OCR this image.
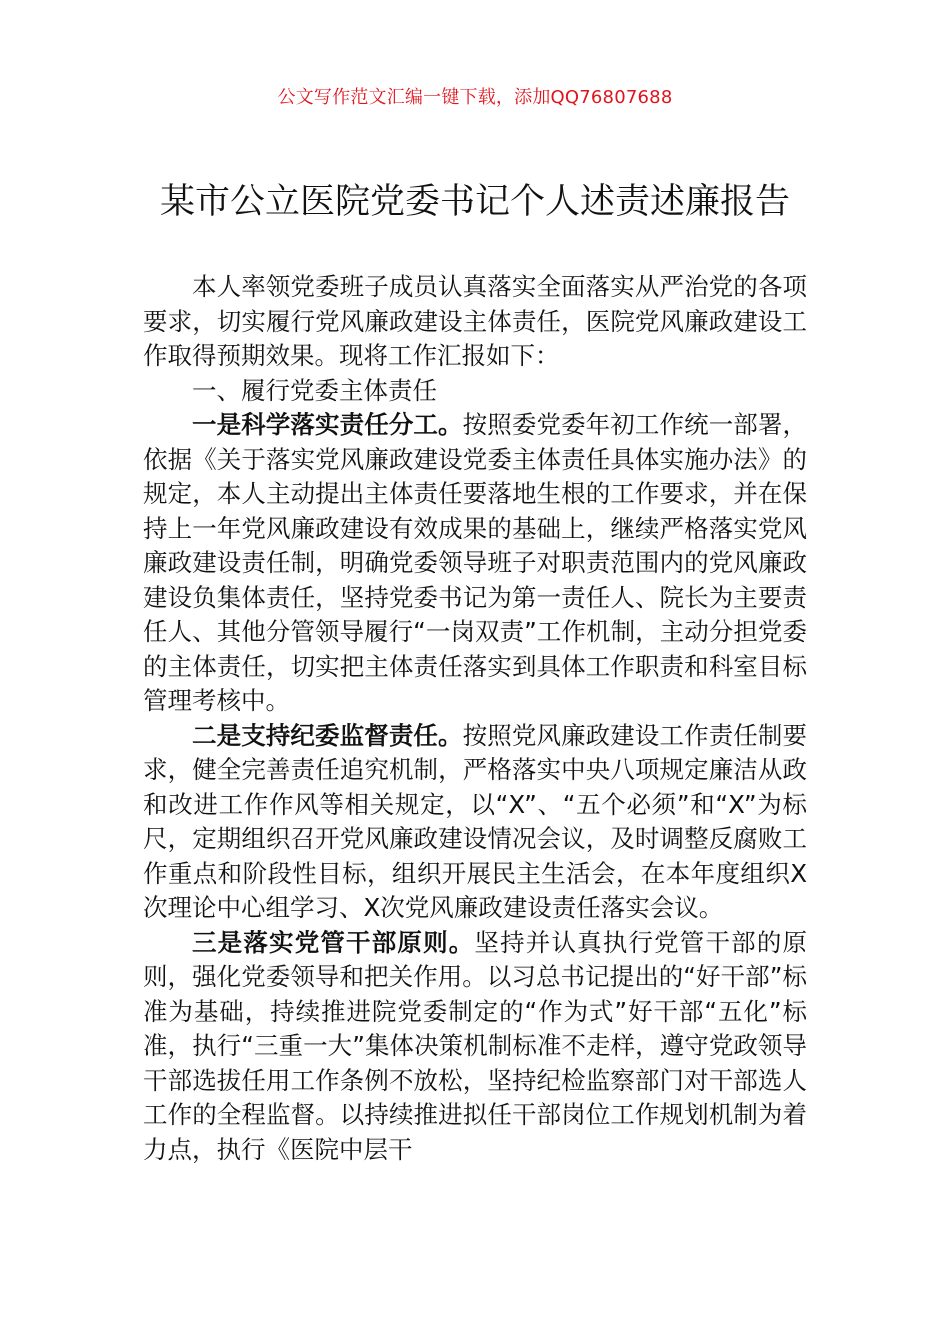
公文写作范文汇编一键下载，添加QQ76807688
某市公立医院党委书记个人述责述廉报告

本人率领党委班子成员认真落实全面落实从严治党的各项要求，切实履行党风廉政建设主体责任，医院党风廉政建设工作取得预期效果。现将工作汇报如下：

一、履行党委主体责任

一是科学落实责任分工。按照委党委年初工作统一部署，依据《关于落实党风廉政建设党委主体责任具体实施办法》的规定，本人主动提出主体责任要落地生根的工作要求，并在保持上一年党风廉政建设有效成果的基础上，继续严格落实党风廉政建设责任制，明确党委领导班子对职责范围内的党风廉政建设负集体责任，坚持党委书记为第一责任人、院长为主要责任人、其他分管领导履行“一岗双责”工作机制，主动分担党委的主体责任，切实把主体责任落实到具体工作职责和科室目标管理考核中。

二是支持纪委监督责任。按照党风廉政建设工作责任制要求，健全完善责任追究机制，严格落实中央八项规定廉洁从政和改进工作作风等相关规定，以“X”、“五个必须”和“X”为标尺，定期组织召开党风廉政建设情况会议，及时调整反腐败工作重点和阶段性目标，组织开展民主生活会，在本年度组织X次理论中心组学习、X次党风廉政建设责任落实会议。

三是落实党管干部原则。坚持并认真执行党管干部的原则，强化党委领导和把关作用。以习总书记提出的“好干部”标准为基础，持续推进院党委制定的“作为式”好干部“五化”标准，执行“三重一大”集体决策机制标准不走样，遵守党政领导干部选拔任用工作条例不放松，坚持纪检监察部门对干部选人工作的全程监督。以持续推进拟任干部岗位工作规划机制为着力点，执行《医院中层干
